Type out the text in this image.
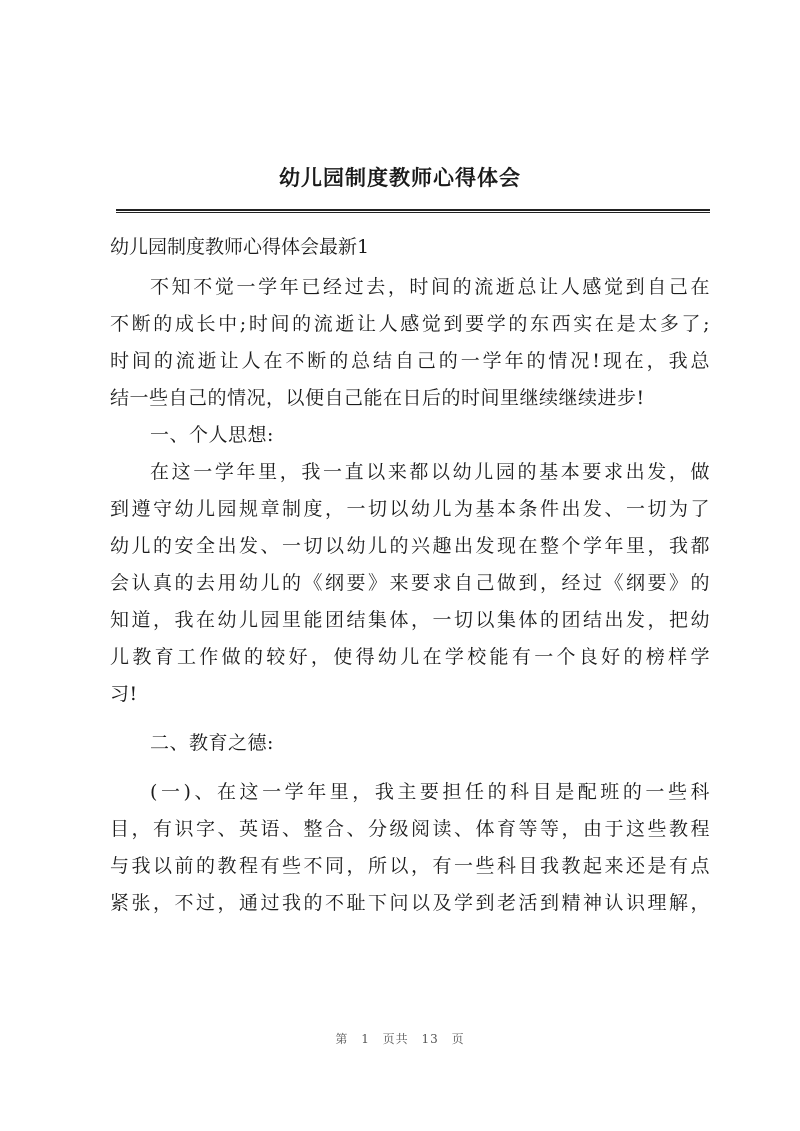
幼儿园制度教师心得体会
幼儿园制度教师心得体会最新1
不知不觉一学年已经过去，时间的流逝总让人感觉到自己在
不断的成长中;时间的流逝让人感觉到要学的东西实在是太多了;
时间的流逝让人在不断的总结自己的一学年的情况!现在，我总
结一些自己的情况，以便自己能在日后的时间里继续继续进步!
一、个人思想:
在这一学年里，我一直以来都以幼儿园的基本要求出发，做
到遵守幼儿园规章制度，一切以幼儿为基本条件出发、一切为了
幼儿的安全出发、一切以幼儿的兴趣出发现在整个学年里，我都
会认真的去用幼儿的《纲要》来要求自己做到，经过《纲要》的
知道，我在幼儿园里能团结集体，一切以集体的团结出发，把幼
儿教育工作做的较好，使得幼儿在学校能有一个良好的榜样学
习!
二、教育之德:
(一)、在这一学年里，我主要担任的科目是配班的一些科
目，有识字、英语、整合、分级阅读、体育等等，由于这些教程
与我以前的教程有些不同，所以，有一些科目我教起来还是有点
紧张，不过，通过我的不耻下问以及学到老活到精神认识理解，
第 1 页共 13 页
